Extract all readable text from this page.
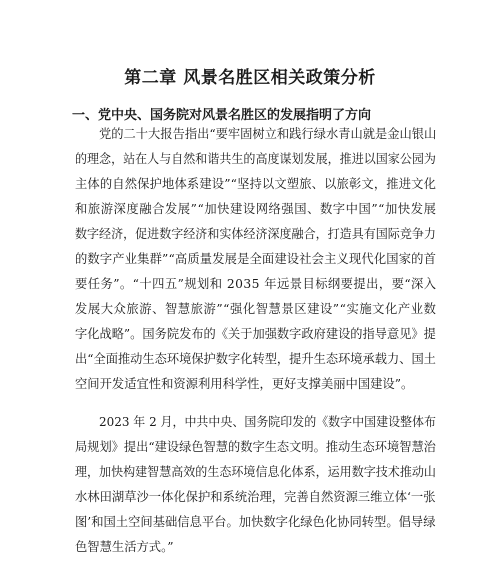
第二章 风景名胜区相关政策分析
一、党中央、国务院对风景名胜区的发展指明了方向
党的二十大报告指出“要牢固树立和践行绿水青山就是金山银山
的理念，站在人与自然和谐共生的高度谋划发展，推进以国家公园为
主体的自然保护地体系建设”“坚持以文塑旅、以旅彰文，推进文化
和旅游深度融合发展”“加快建设网络强国、数字中国”“加快发展
数字经济，促进数字经济和实体经济深度融合，打造具有国际竞争力
的数字产业集群”“高质量发展是全面建设社会主义现代化国家的首
要任务”。“十四五”规划和 2035 年远景目标纲要提出，要“深入
发展大众旅游、智慧旅游”“强化智慧景区建设”“实施文化产业数
字化战略”。国务院发布的《关于加强数字政府建设的指导意见》提
出“全面推动生态环境保护数字化转型，提升生态环境承载力、国土
空间开发适宜性和资源利用科学性，更好支撑美丽中国建设”。
2023 年 2 月，中共中央、国务院印发的《数字中国建设整体布
局规划》提出“建设绿色智慧的数字生态文明。推动生态环境智慧治
理，加快构建智慧高效的生态环境信息化体系，运用数字技术推动山
水林田湖草沙一体化保护和系统治理，完善自然资源三维立体‘一张
图’和国土空间基础信息平台。加快数字化绿色化协同转型。倡导绿
色智慧生活方式。”
